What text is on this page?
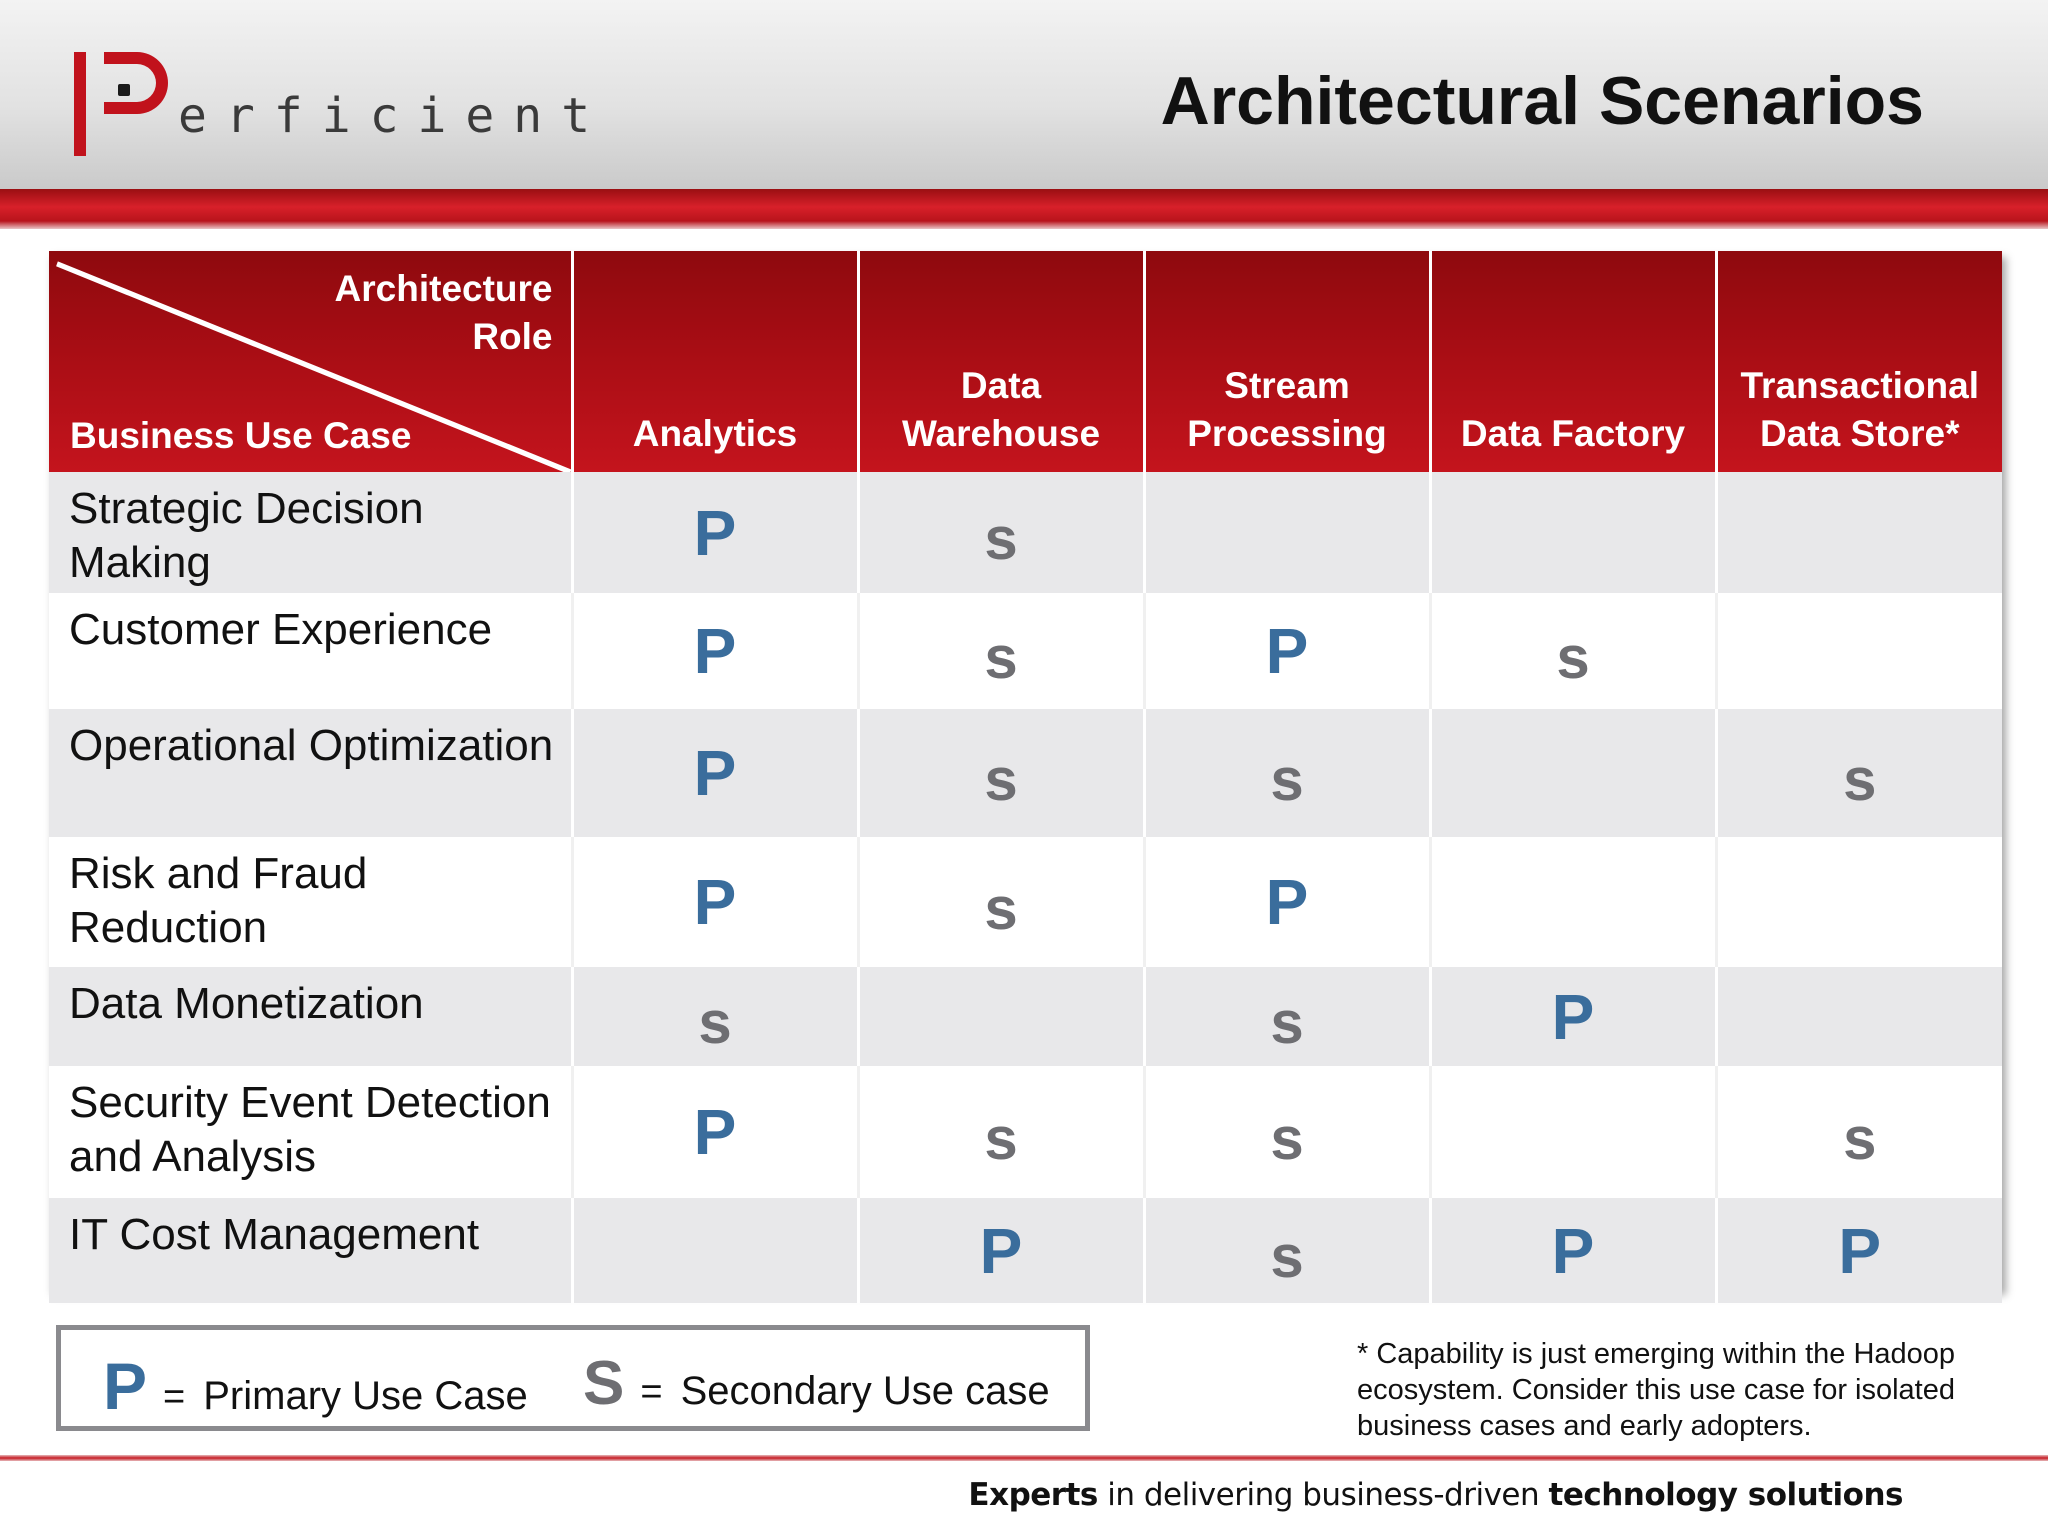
erficient	Architectural Scenarios
Architecture Role
Business Use Case	Analytics	Data Warehouse	Stream Processing	Data Factory	Transactional Data Store*
Strategic Decision Making	P	s			
Customer Experience	P	s	P	s	
Operational Optimization	P	s	s		s
Risk and Fraud Reduction	P	s	P		
Data Monetization	s		s	P	
Security Event Detection and Analysis	P	s	s		s
IT Cost Management		P	s	P	P
P = Primary Use Case S = Secondary Use case
* Capability is just emerging within the Hadoop ecosystem. Consider this use case for isolated business cases and early adopters.
Experts in delivering business-driven technology solutions
